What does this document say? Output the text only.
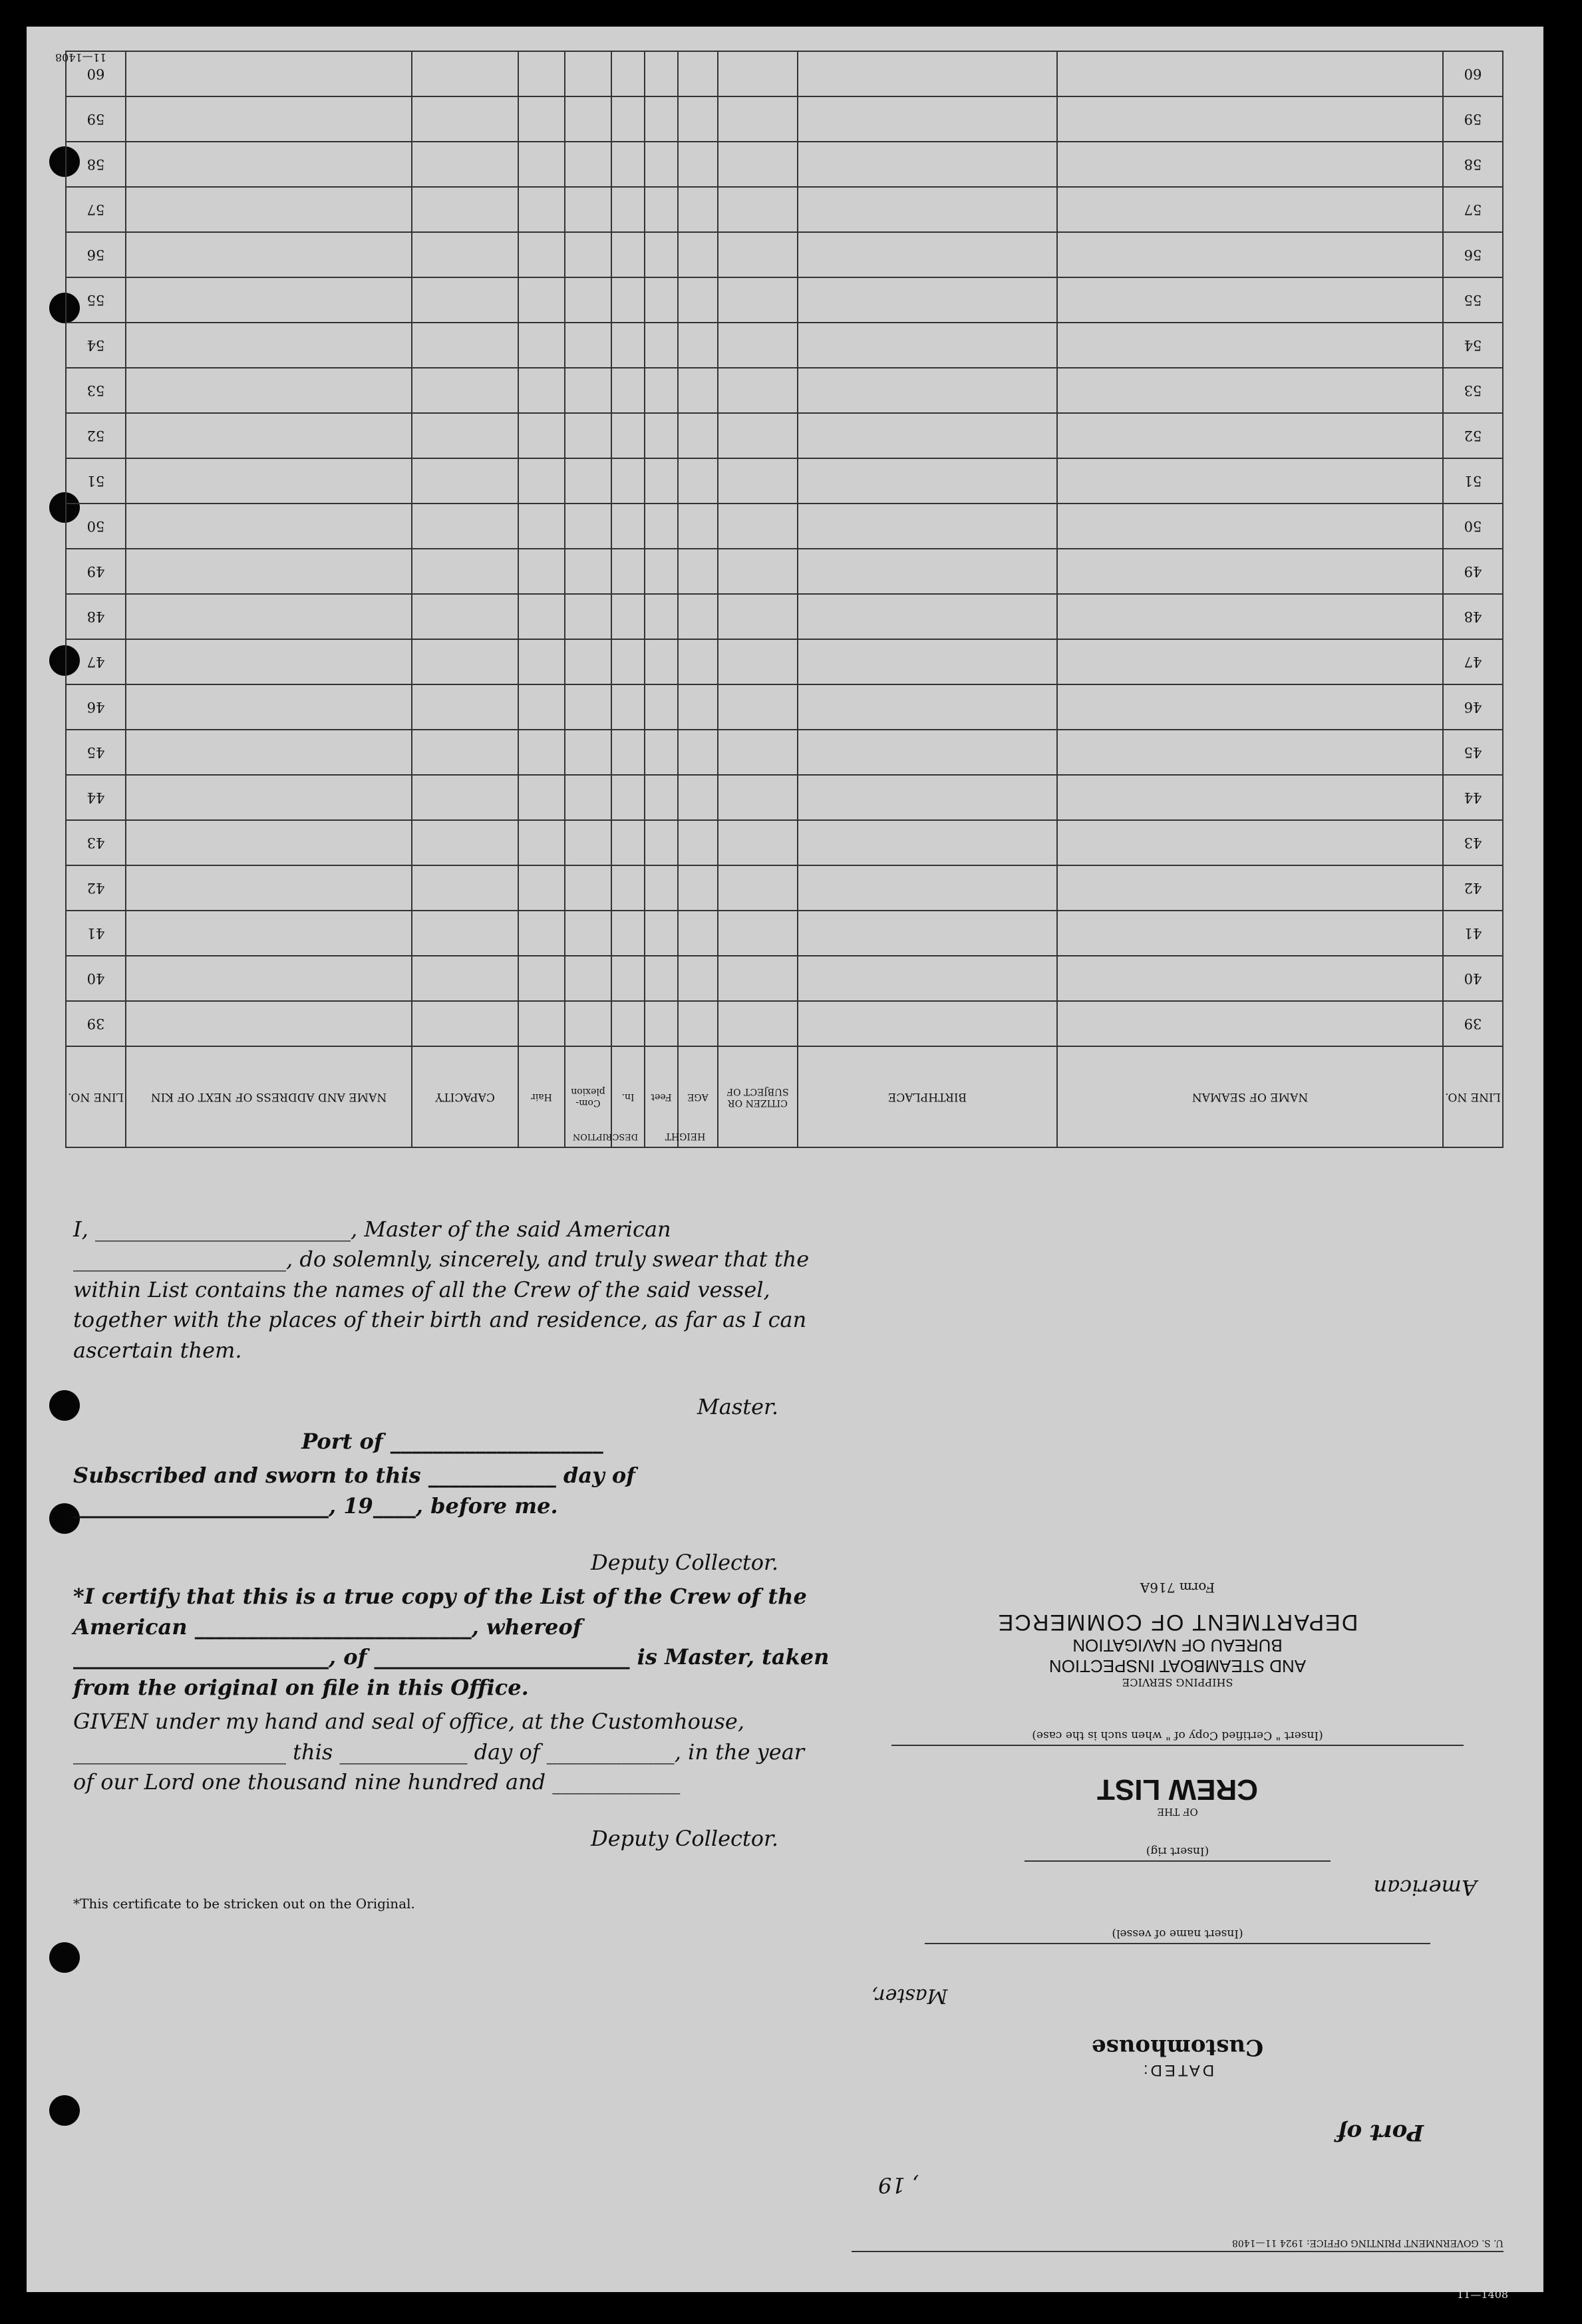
LINE NO.	NAME OF SEAMAN	BIRTHPLACE	CITIZEN OR SUBJECT OF	AGE	Feet	In.	Com-plexion	Hair	CAPACITY	NAME AND ADDRESS OF NEXT OF KIN	LINE NO.
39											39
40											40
41											41
42											42
43											43
44											44
45											45
46											46
47											47
48											48
49											49
50											50
51											51
52											52
53											53
54											54
55											55
56											56
57											57
58											58
59											59
60											60
HEIGHT
DESCRIPTION
11—1408

I, ________________________, Master of the said American ____________________, do solemnly, sincerely, and truly swear that the within List contains the names of all the Crew of the said vessel, together with the places of their birth and residence, as far as I can ascertain them.

Master.

Port of ____________________

Subscribed and sworn to this ____________ day of ________________________, 19____, before me.

Deputy Collector.

*I certify that this is a true copy of the List of the Crew of the American __________________________, whereof ________________________, of ________________________ is Master, taken from the original on file in this Office.

GIVEN under my hand and seal of office, at the Customhouse, ____________________ this ____________ day of ____________, in the year of our Lord one thousand nine hundred and ____________

Deputy Collector.

*This certificate to be stricken out on the Original.

U. S. GOVERNMENT PRINTING OFFICE: 1924 11—1408
, 19
Port of
DATED:
Customhouse
Master,
(Insert name of vessel)
American
(Insert rig)
OF THE
CREW LIST
(Insert " Certified Copy of " when such is the case)
SHIPPING SERVICE
AND STEAMBOAT INSPECTION
BUREAU OF NAVIGATION
DEPARTMENT OF COMMERCE
Form 716A
11—1408
